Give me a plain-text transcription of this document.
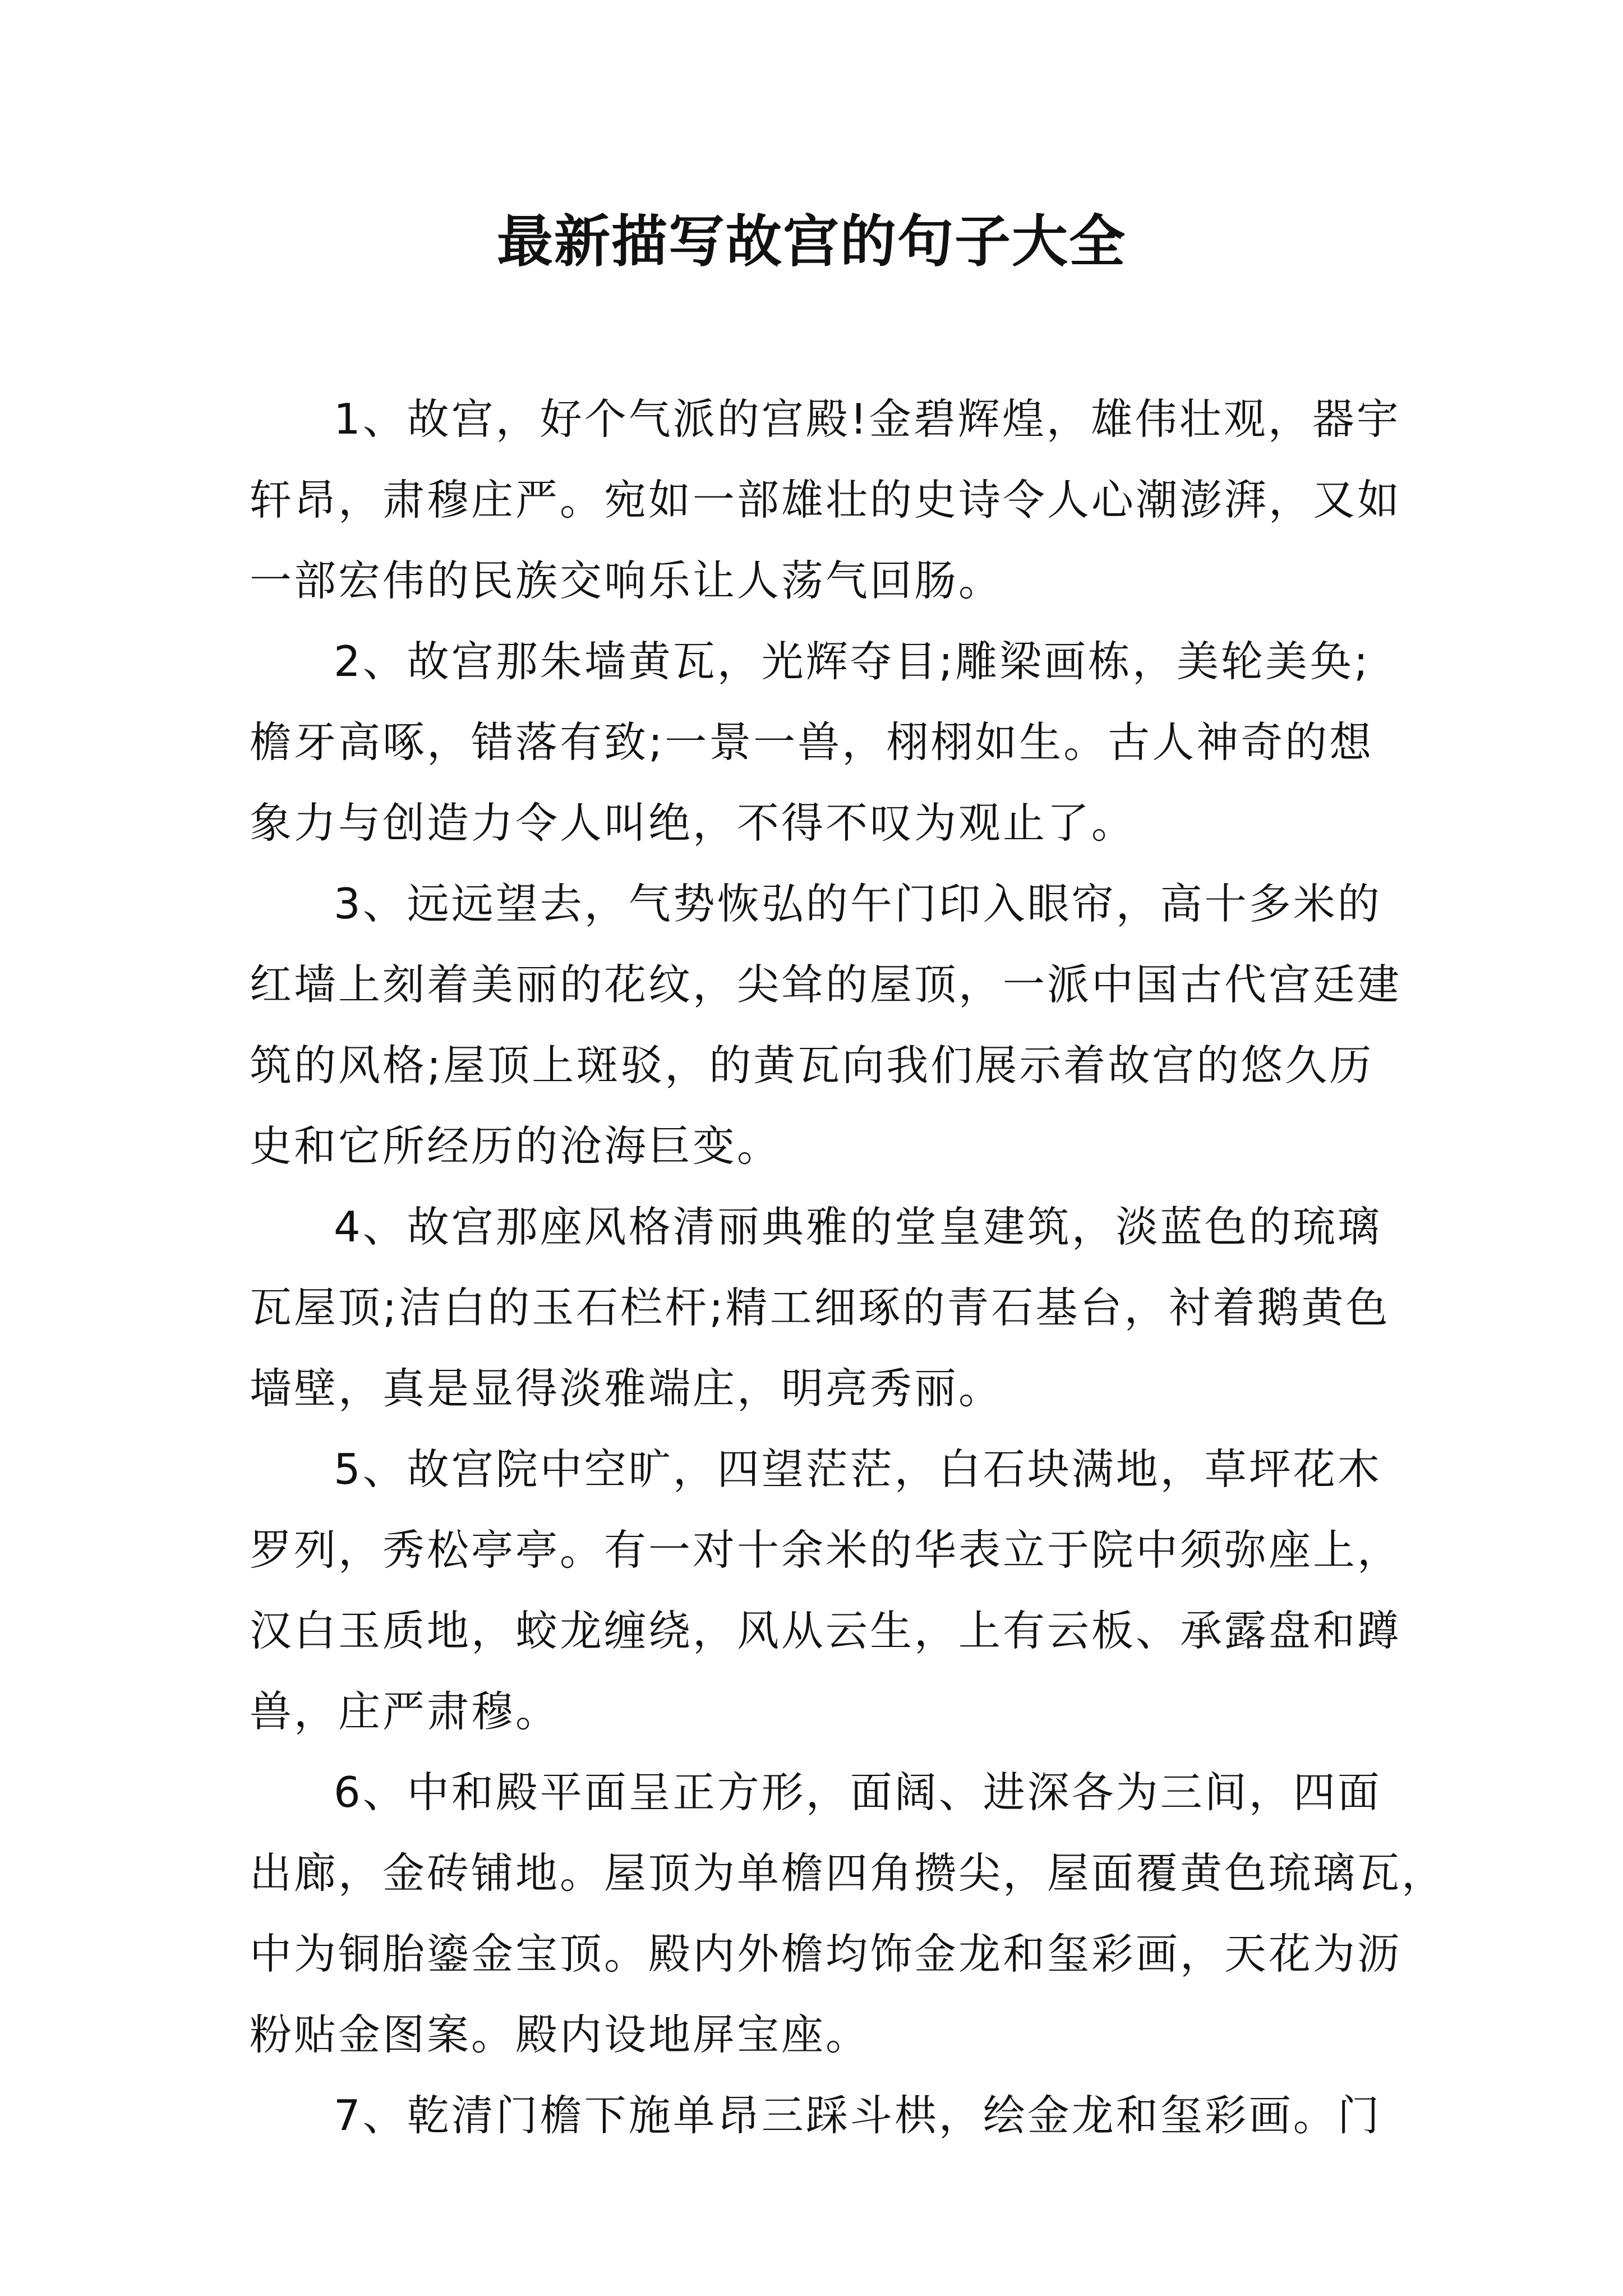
最新描写故宫的句子大全
1、故宫，好个气派的宫殿!金碧辉煌，雄伟壮观，器宇
轩昂，肃穆庄严。宛如一部雄壮的史诗令人心潮澎湃，又如
一部宏伟的民族交响乐让人荡气回肠。
2、故宫那朱墙黄瓦，光辉夺目;雕梁画栋，美轮美奂;
檐牙高啄，错落有致;一景一兽，栩栩如生。古人神奇的想
象力与创造力令人叫绝，不得不叹为观止了。
3、远远望去，气势恢弘的午门印入眼帘，高十多米的
红墙上刻着美丽的花纹，尖耸的屋顶，一派中国古代宫廷建
筑的风格;屋顶上斑驳，的黄瓦向我们展示着故宫的悠久历
史和它所经历的沧海巨变。
4、故宫那座风格清丽典雅的堂皇建筑，淡蓝色的琉璃
瓦屋顶;洁白的玉石栏杆;精工细琢的青石基台，衬着鹅黄色
墙壁，真是显得淡雅端庄，明亮秀丽。
5、故宫院中空旷，四望茫茫，白石块满地，草坪花木
罗列，秀松亭亭。有一对十余米的华表立于院中须弥座上，
汉白玉质地，蛟龙缠绕，风从云生，上有云板、承露盘和蹲
兽，庄严肃穆。
6、中和殿平面呈正方形，面阔、进深各为三间，四面
出廊，金砖铺地。屋顶为单檐四角攒尖，屋面覆黄色琉璃瓦，
中为铜胎鎏金宝顶。殿内外檐均饰金龙和玺彩画，天花为沥
粉贴金图案。殿内设地屏宝座。
7、乾清门檐下施单昂三踩斗栱，绘金龙和玺彩画。门
